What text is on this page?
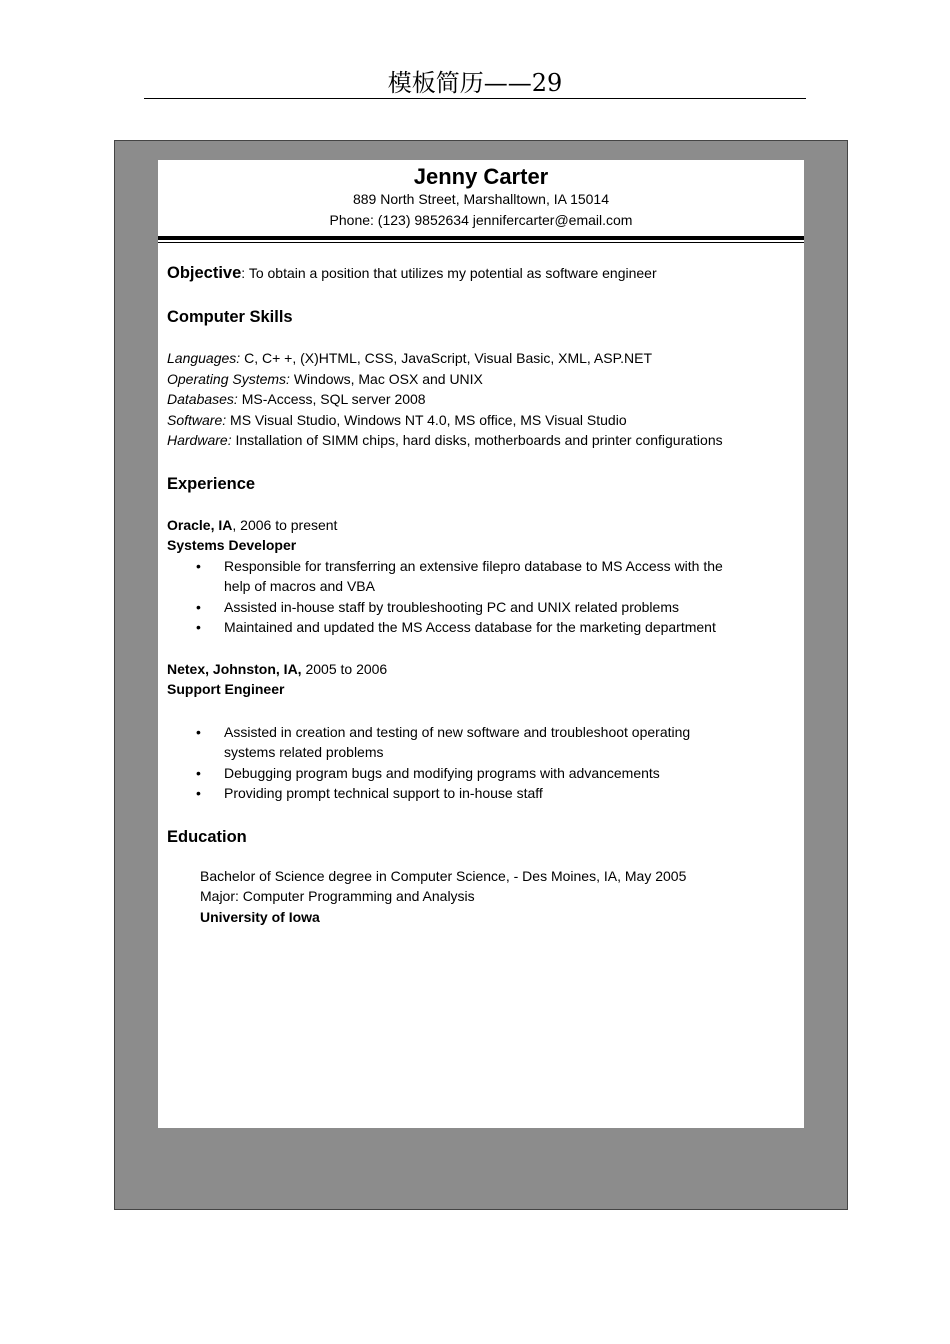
模板简历——29
Jenny Carter
889 North Street, Marshalltown, IA 15014
Phone: (123) 9852634 jennifercarter@email.com

Objective: To obtain a position that utilizes my potential as software engineer

Computer Skills

Languages: C, C+ +, (X)HTML, CSS, JavaScript, Visual Basic, XML, ASP.NET

Operating Systems: Windows, Mac OSX and UNIX

Databases: MS-Access, SQL server 2008

Software: MS Visual Studio, Windows NT 4.0, MS office, MS Visual Studio

Hardware: Installation of SIMM chips, hard disks, motherboards and printer configurations

Experience

Oracle, IA, 2006 to present

Systems Developer

• Responsible for transferring an extensive filepro database to MS Access with the
help of macros and VBA
• Assisted in-house staff by troubleshooting PC and UNIX related problems
• Maintained and updated the MS Access database for the marketing department

Netex, Johnston, IA, 2005 to 2006

Support Engineer

• Assisted in creation and testing of new software and troubleshoot operating
systems related problems
• Debugging program bugs and modifying programs with advancements
• Providing prompt technical support to in-house staff

Education

Bachelor of Science degree in Computer Science, - Des Moines, IA, May 2005

Major: Computer Programming and Analysis

University of Iowa
